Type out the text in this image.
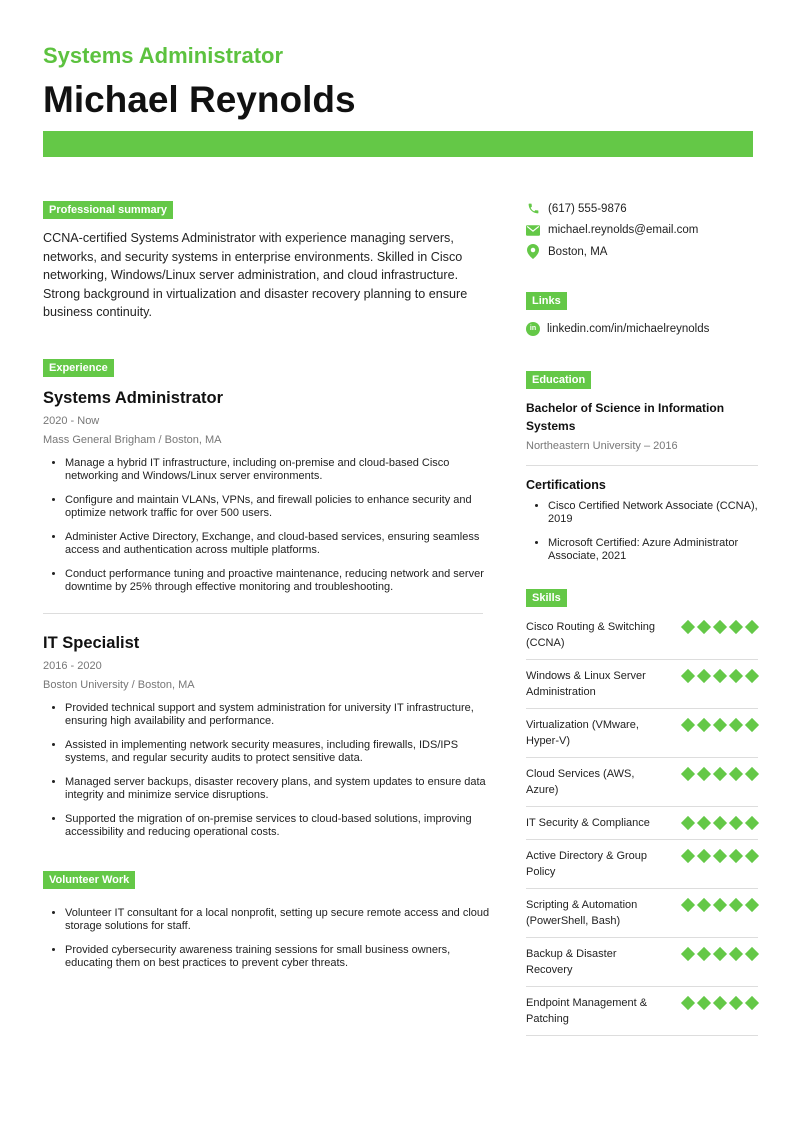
Systems Administrator
Michael Reynolds
Professional summary

CCNA-certified Systems Administrator with experience managing servers, networks, and security systems in enterprise environments. Skilled in Cisco networking, Windows/Linux server administration, and cloud infrastructure. Strong background in virtualization and disaster recovery planning to ensure business continuity.

Experience
Systems Administrator
2020 - Now
Mass General Brigham / Boston, MA
• Manage a hybrid IT infrastructure, including on-premise and cloud-based Cisco networking and Windows/Linux server environments.
• Configure and maintain VLANs, VPNs, and firewall policies to enhance security and optimize network traffic for over 500 users.
• Administer Active Directory, Exchange, and cloud-based services, ensuring seamless access and authentication across multiple platforms.
• Conduct performance tuning and proactive maintenance, reducing network and server downtime by 25% through effective monitoring and troubleshooting.
IT Specialist
2016 - 2020
Boston University / Boston, MA
• Provided technical support and system administration for university IT infrastructure, ensuring high availability and performance.
• Assisted in implementing network security measures, including firewalls, IDS/IPS systems, and regular security audits to protect sensitive data.
• Managed server backups, disaster recovery plans, and system updates to ensure data integrity and minimize service disruptions.
• Supported the migration of on-premise services to cloud-based solutions, improving accessibility and reducing operational costs.
Volunteer Work
• Volunteer IT consultant for a local nonprofit, setting up secure remote access and cloud storage solutions for staff.
• Provided cybersecurity awareness training sessions for small business owners, educating them on best practices to prevent cyber threats.
(617) 555-9876
michael.reynolds@email.com
Boston, MA
Links
in linkedin.com/in/michaelreynolds
Education
Bachelor of Science in Information Systems
Northeastern University – 2016
Certifications
• Cisco Certified Network Associate (CCNA), 2019
• Microsoft Certified: Azure Administrator Associate, 2021
Skills
Cisco Routing & Switching (CCNA)
Windows & Linux Server Administration
Virtualization (VMware, Hyper-V)
Cloud Services (AWS, Azure)
IT Security & Compliance
Active Directory & Group Policy
Scripting & Automation (PowerShell, Bash)
Backup & Disaster Recovery
Endpoint Management & Patching
